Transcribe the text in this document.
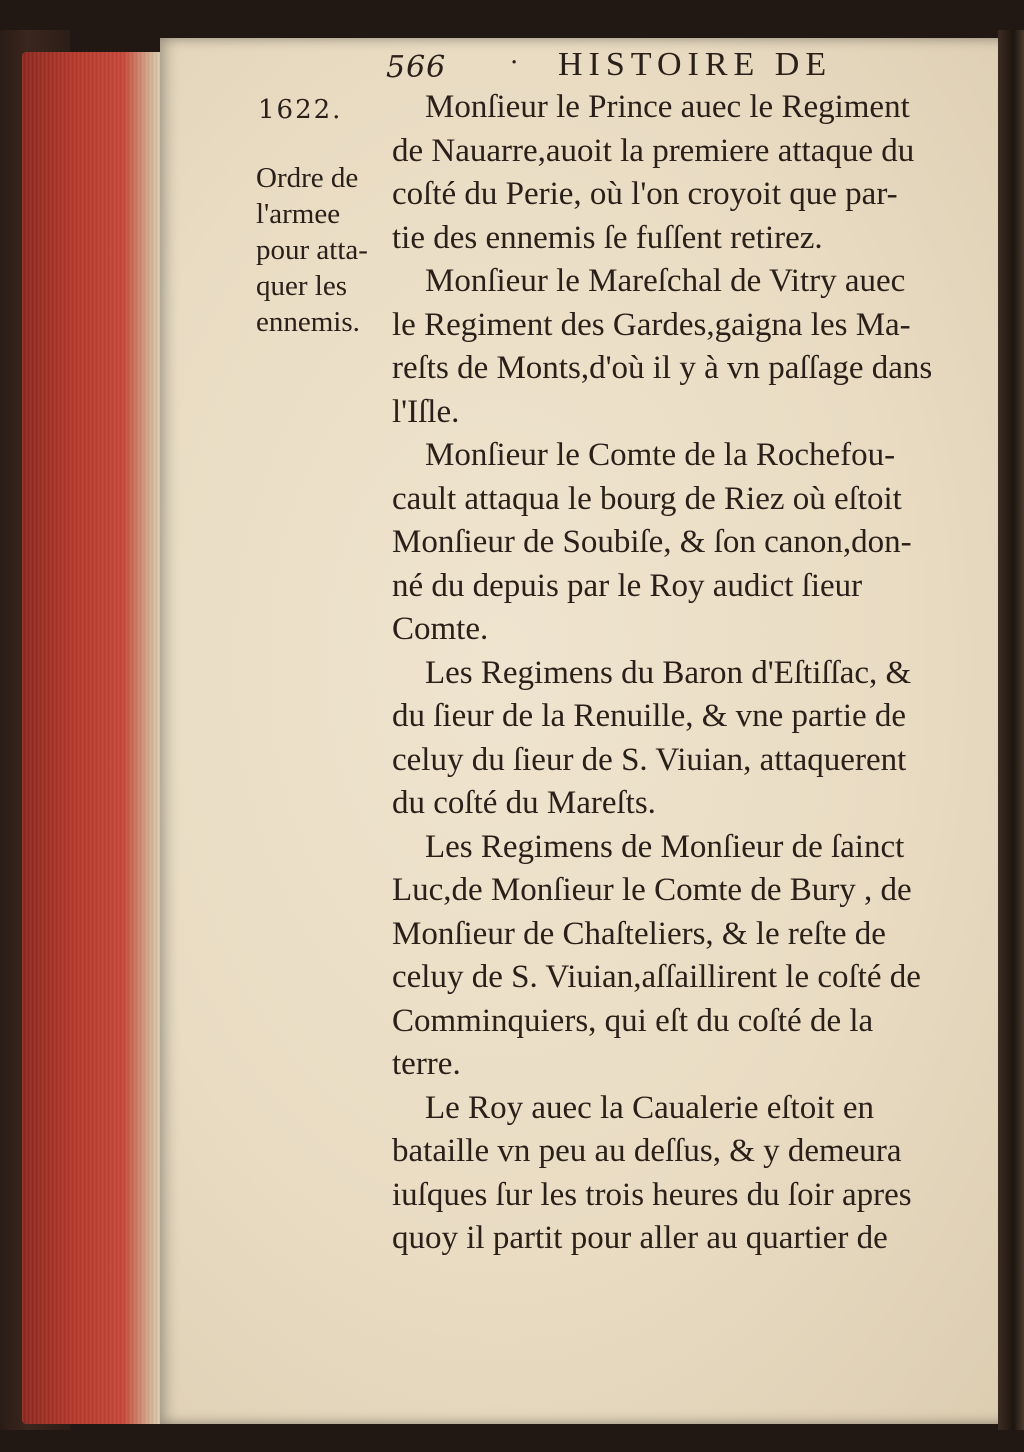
566 · HISTOIRE DE
1622.
Ordre de
l'armee
pour atta-
quer les
ennemis.
Monſieur le Prince auec le Regiment
de Nauarre,auoit la premiere attaque du
coſté du Perie, où l'on croyoit que par-
tie des ennemis ſe fuſſent retirez.
Monſieur le Mareſchal de Vitry auec
le Regiment des Gardes,gaigna les Ma-
reſts de Monts,d'où il y à vn paſſage dans
l'Iſle.
Monſieur le Comte de la Rochefou-
cault attaqua le bourg de Riez où eſtoit
Monſieur de Soubiſe, & ſon canon,don-
né du depuis par le Roy audict ſieur
Comte.
Les Regimens du Baron d'Eſtiſſac, &
du ſieur de la Renuille, & vne partie de
celuy du ſieur de S. Viuian, attaquerent
du coſté du Mareſts.
Les Regimens de Monſieur de ſainct
Luc,de Monſieur le Comte de Bury , de
Monſieur de Chaſteliers, & le reſte de
celuy de S. Viuian,aſſaillirent le coſté de
Comminquiers, qui eſt du coſté de la
terre.
Le Roy auec la Caualerie eſtoit en
bataille vn peu au deſſus, & y demeura
iuſques ſur les trois heures du ſoir apres
quoy il partit pour aller au quartier de
